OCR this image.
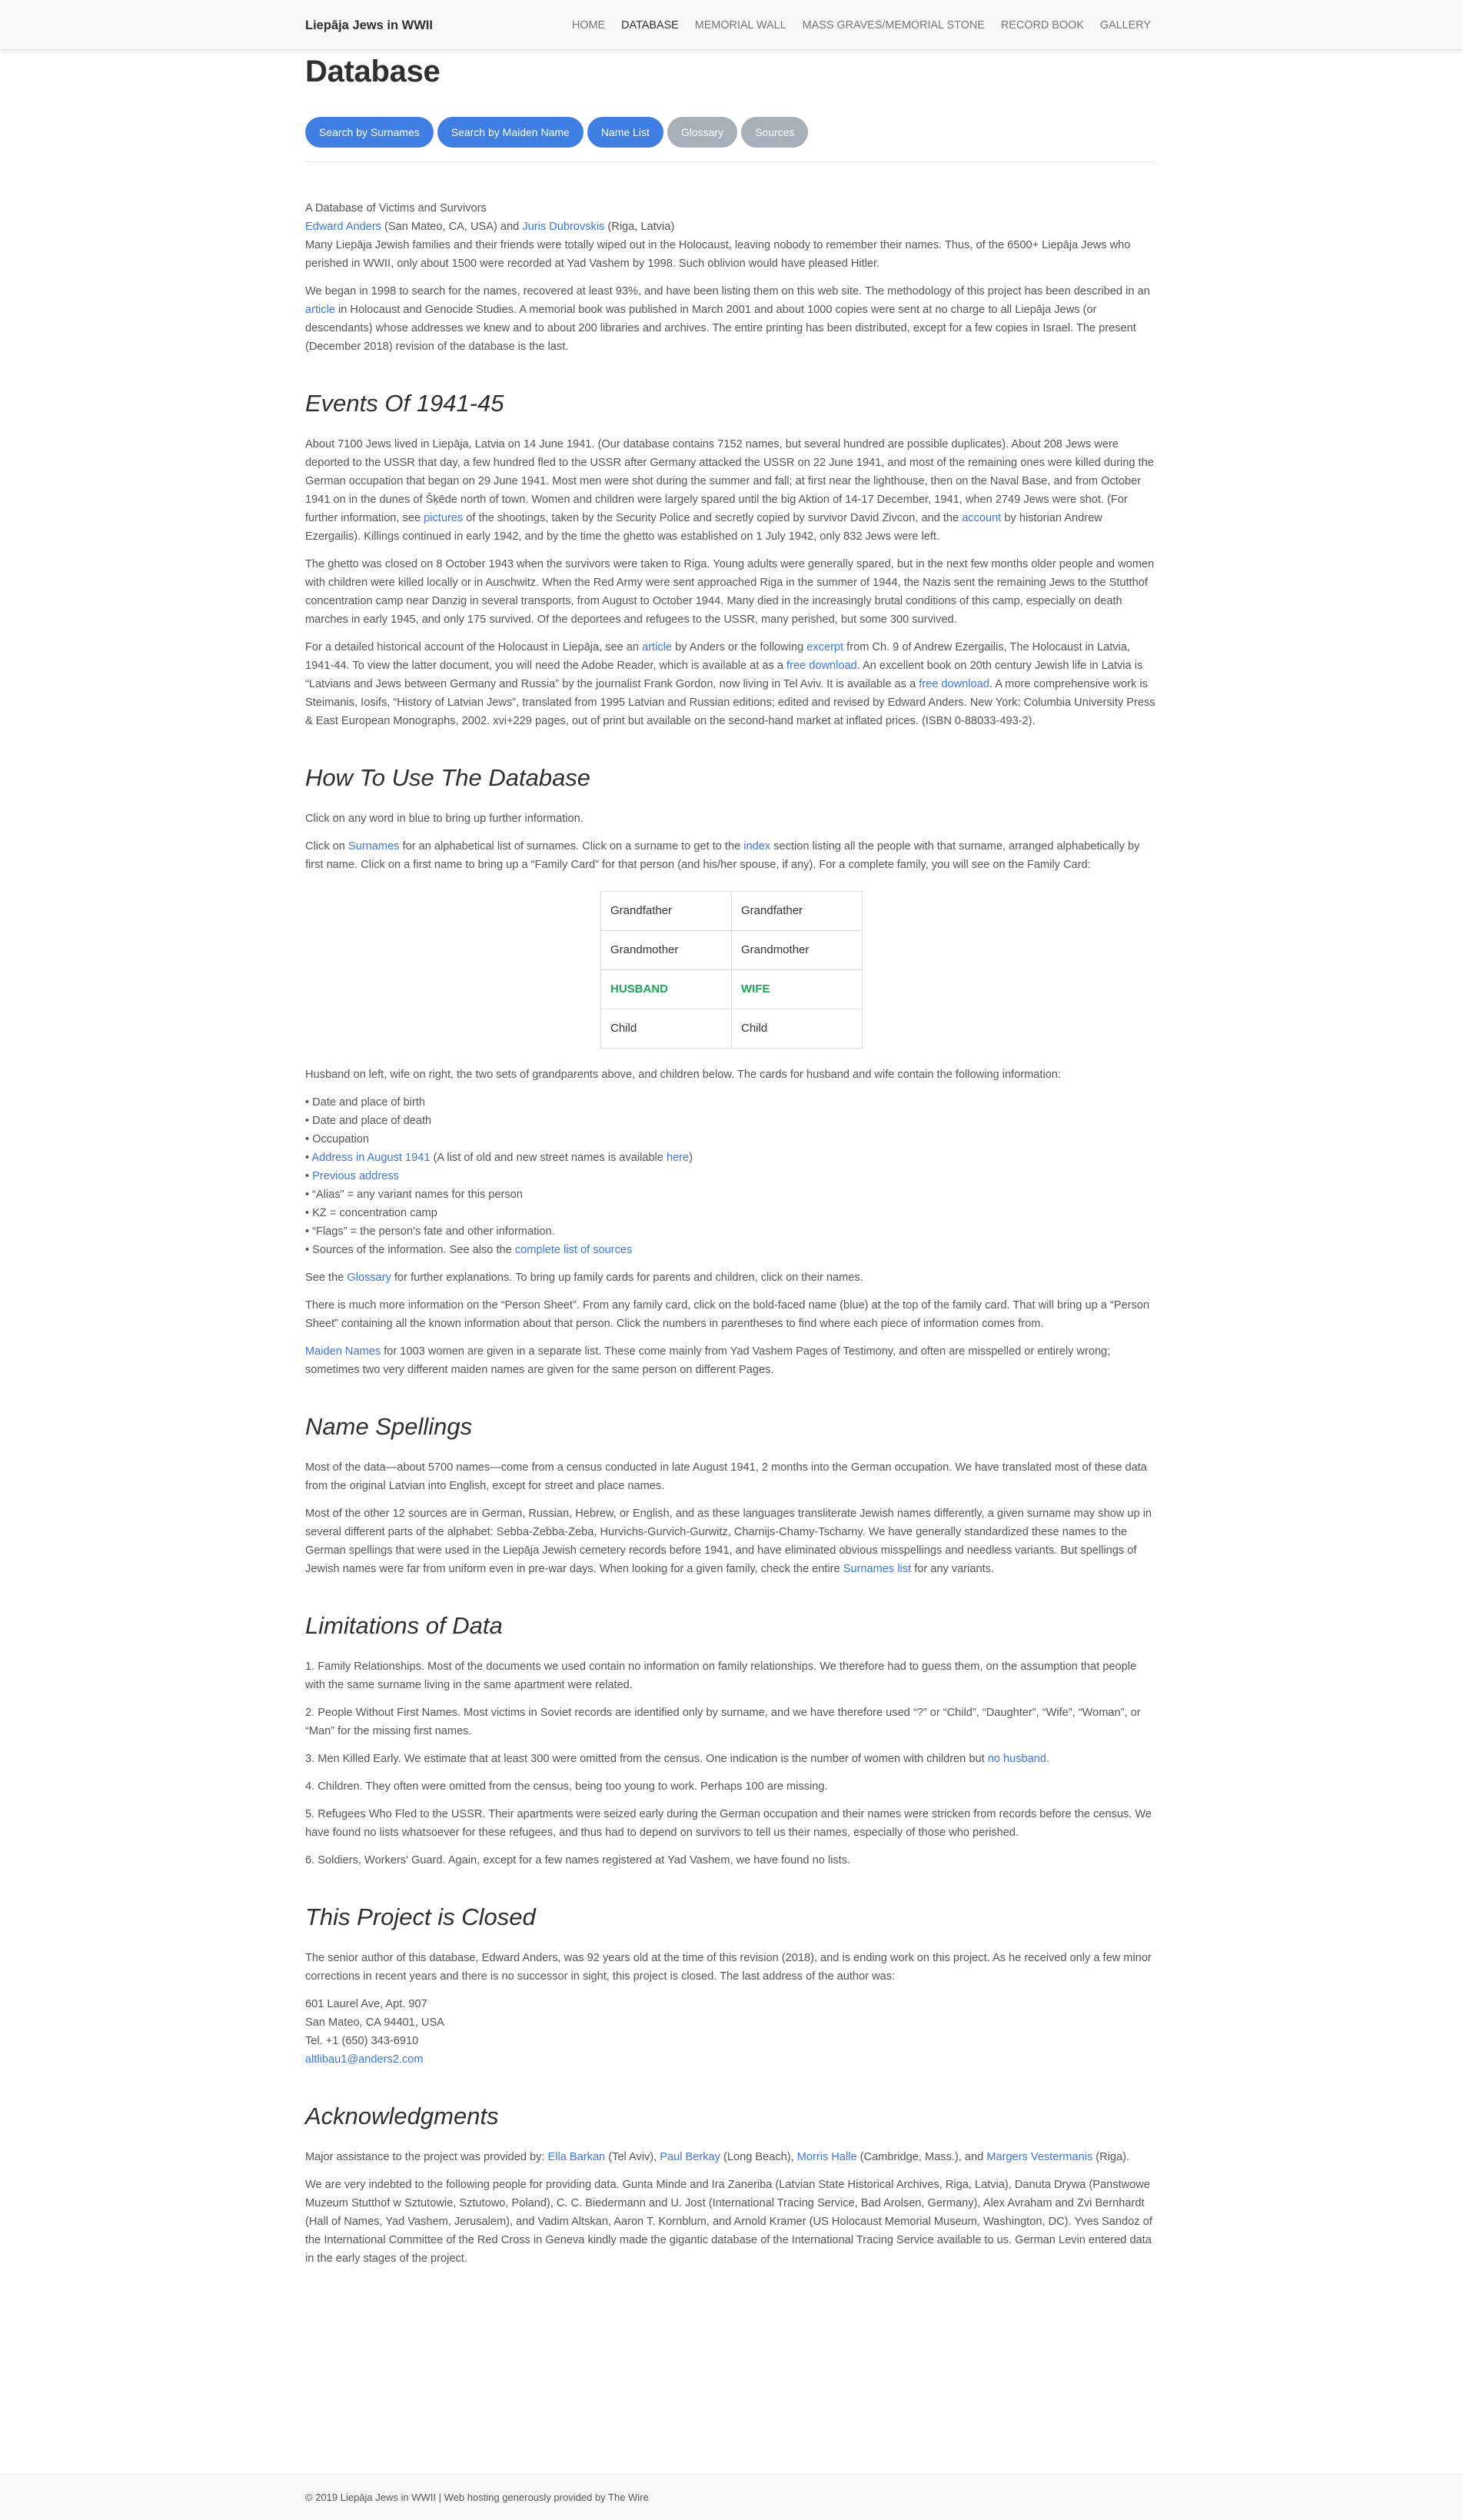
Liepāja Jews in WWII	HOME DATABASE MEMORIAL WALL MASS GRAVES/MEMORIAL STONE RECORD BOOK GALLERY
Database
Search by Surnames	Search by Maiden Name	Name List	Glossary	Sources
A Database of Victims and Survivors
Edward Anders (San Mateo, CA, USA) and Juris Dubrovskis (Riga, Latvia)

Many Liepāja Jewish families and their friends were totally wiped out in the Holocaust, leaving nobody to remember their names. Thus, of the 6500+ Liepāja Jews who perished in WWII, only about 1500 were recorded at Yad Vashem by 1998. Such oblivion would have pleased Hitler.

We began in 1998 to search for the names, recovered at least 93%, and have been listing them on this web site. The methodology of this project has been described in an article in Holocaust and Genocide Studies. A memorial book was published in March 2001 and about 1000 copies were sent at no charge to all Liepāja Jews (or descendants) whose addresses we knew and to about 200 libraries and archives. The entire printing has been distributed, except for a few copies in Israel. The present (December 2018) revision of the database is the last.

Events Of 1941-45

About 7100 Jews lived in Liepāja, Latvia on 14 June 1941. (Our database contains 7152 names, but several hundred are possible duplicates). About 208 Jews were deported to the USSR that day, a few hundred fled to the USSR after Germany attacked the USSR on 22 June 1941, and most of the remaining ones were killed during the German occupation that began on 29 June 1941. Most men were shot during the summer and fall; at first near the lighthouse, then on the Naval Base, and from October 1941 on in the dunes of Šķēde north of town. Women and children were largely spared until the big Aktion of 14-17 December, 1941, when 2749 Jews were shot. (For further information, see pictures of the shootings, taken by the Security Police and secretly copied by survivor David Zivcon, and the account by historian Andrew Ezergailis). Killings continued in early 1942, and by the time the ghetto was established on 1 July 1942, only 832 Jews were left.

The ghetto was closed on 8 October 1943 when the survivors were taken to Riga. Young adults were generally spared, but in the next few months older people and women with children were killed locally or in Auschwitz. When the Red Army were sent approached Riga in the summer of 1944, the Nazis sent the remaining Jews to the Stutthof concentration camp near Danzig in several transports, from August to October 1944. Many died in the increasingly brutal conditions of this camp, especially on death marches in early 1945, and only 175 survived. Of the deportees and refugees to the USSR, many perished, but some 300 survived.

For a detailed historical account of the Holocaust in Liepāja, see an article by Anders or the following excerpt from Ch. 9 of Andrew Ezergailis, The Holocaust in Latvia, 1941-44. To view the latter document, you will need the Adobe Reader, which is available at as a free download. An excellent book on 20th century Jewish life in Latvia is “Latvians and Jews between Germany and Russia” by the journalist Frank Gordon, now living in Tel Aviv. It is available as a free download. A more comprehensive work is Steimanis, Iosifs, “History of Latvian Jews”, translated from 1995 Latvian and Russian editions; edited and revised by Edward Anders. New York: Columbia University Press & East European Monographs, 2002. xvi+229 pages, out of print but available on the second-hand market at inflated prices. (ISBN 0-88033-493-2).

How To Use The Database

Click on any word in blue to bring up further information.

Click on Surnames for an alphabetical list of surnames. Click on a surname to get to the index section listing all the people with that surname, arranged alphabetically by first name. Click on a first name to bring up a “Family Card” for that person (and his/her spouse, if any). For a complete family, you will see on the Family Card:

Grandfather	Grandfather
Grandmother	Grandmother
HUSBAND	WIFE
Child	Child

Husband on left, wife on right, the two sets of grandparents above, and children below. The cards for husband and wife contain the following information:

• Date and place of birth
• Date and place of death
• Occupation
• Address in August 1941 (A list of old and new street names is available here)
• Previous address
• “Alias” = any variant names for this person
• KZ = concentration camp
• “Flags” = the person's fate and other information.
• Sources of the information. See also the complete list of sources

See the Glossary for further explanations. To bring up family cards for parents and children, click on their names.

There is much more information on the “Person Sheet”. From any family card, click on the bold-faced name (blue) at the top of the family card. That will bring up a “Person Sheet” containing all the known information about that person. Click the numbers in parentheses to find where each piece of information comes from.

Maiden Names for 1003 women are given in a separate list. These come mainly from Yad Vashem Pages of Testimony, and often are misspelled or entirely wrong; sometimes two very different maiden names are given for the same person on different Pages.

Name Spellings

Most of the data—about 5700 names—come from a census conducted in late August 1941, 2 months into the German occupation. We have translated most of these data from the original Latvian into English, except for street and place names.

Most of the other 12 sources are in German, Russian, Hebrew, or English, and as these languages transliterate Jewish names differently, a given surname may show up in several different parts of the alphabet: Sebba-Zebba-Zeba, Hurvichs-Gurvich-Gurwitz, Charnijs-Chamy-Tscharny. We have generally standardized these names to the German spellings that were used in the Liepāja Jewish cemetery records before 1941, and have eliminated obvious misspellings and needless variants. But spellings of Jewish names were far from uniform even in pre-war days. When looking for a given family, check the entire Surnames list for any variants.

Limitations of Data

1. Family Relationships. Most of the documents we used contain no information on family relationships. We therefore had to guess them, on the assumption that people with the same surname living in the same apartment were related.

2. People Without First Names. Most victims in Soviet records are identified only by surname, and we have therefore used “?” or “Child”, “Daughter”, “Wife”, “Woman”, or “Man” for the missing first names.

3. Men Killed Early. We estimate that at least 300 were omitted from the census. One indication is the number of women with children but no husband.

4. Children. They often were omitted from the census, being too young to work. Perhaps 100 are missing.

5. Refugees Who Fled to the USSR. Their apartments were seized early during the German occupation and their names were stricken from records before the census. We have found no lists whatsoever for these refugees, and thus had to depend on survivors to tell us their names, especially of those who perished.

6. Soldiers, Workers' Guard. Again, except for a few names registered at Yad Vashem, we have found no lists.

This Project is Closed

The senior author of this database, Edward Anders, was 92 years old at the time of this revision (2018), and is ending work on this project. As he received only a few minor corrections in recent years and there is no successor in sight, this project is closed. The last address of the author was:

601 Laurel Ave, Apt. 907
San Mateo, CA 94401, USA
Tel. +1 (650) 343-6910
altlibau1@anders2.com
Acknowledgments

Major assistance to the project was provided by: Ella Barkan (Tel Aviv), Paul Berkay (Long Beach), Morris Halle (Cambridge, Mass.), and Margers Vestermanis (Riga).

We are very indebted to the following people for providing data. Gunta Minde and Ira Zaneriba (Latvian State Historical Archives, Riga, Latvia), Danuta Drywa (Panstwowe Muzeum Stutthof w Sztutowie, Sztutowo, Poland), C. C. Biedermann and U. Jost (International Tracing Service, Bad Arolsen, Germany), Alex Avraham and Zvi Bernhardt (Hall of Names, Yad Vashem, Jerusalem), and Vadim Altskan, Aaron T. Kornblum, and Arnold Kramer (US Holocaust Memorial Museum, Washington, DC). Yves Sandoz of the International Committee of the Red Cross in Geneva kindly made the gigantic database of the International Tracing Service available to us. German Levin entered data in the early stages of the project.

© 2019 Liepāja Jews in WWII | Web hosting generously provided by The Wire
